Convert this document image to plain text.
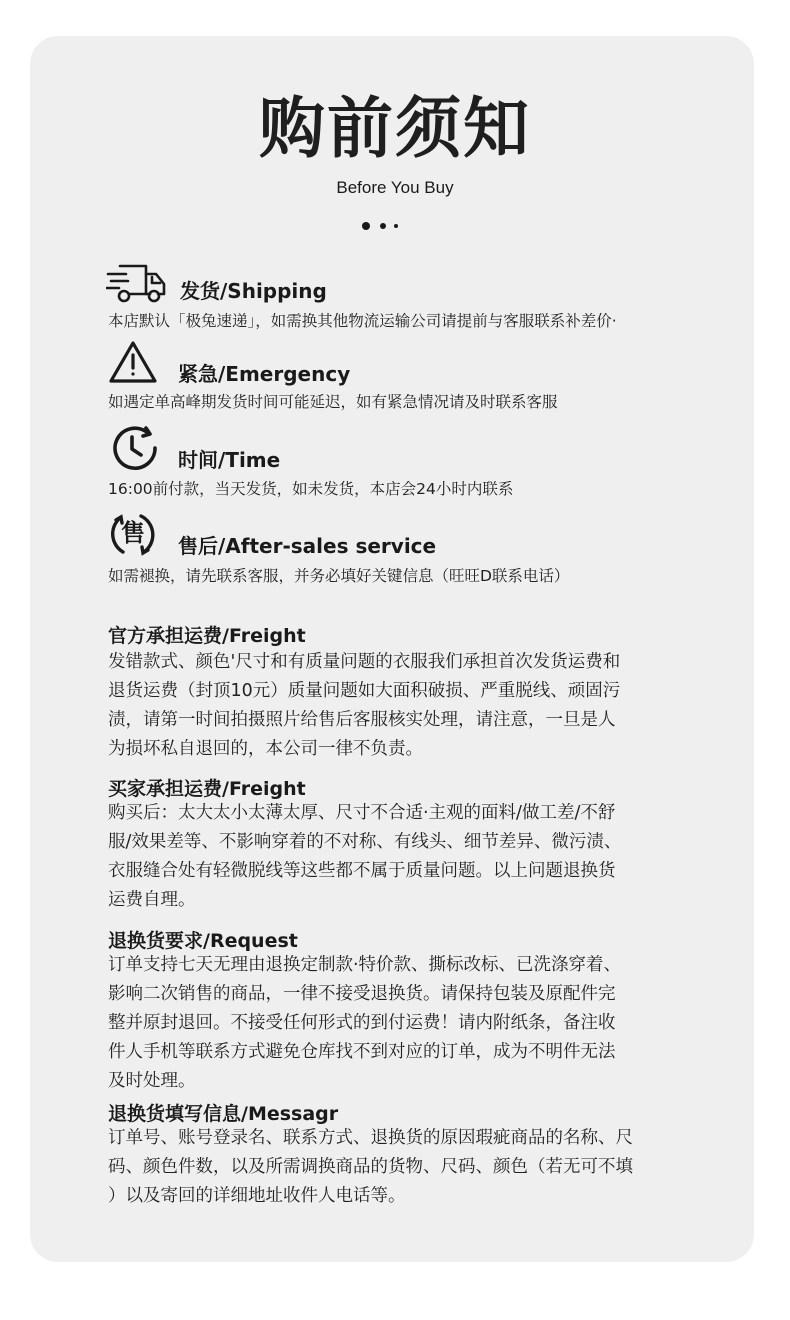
购前须知
Before You Buy
发货/Shipping
本店默认「极兔速递」，如需换其他物流运输公司请提前与客服联系补差价·
紧急/Emergency
如遇定单高峰期发货时间可能延迟，如有紧急情况请及时联系客服
时间/Time
16:00前付款，当天发货，如未发货，本店会24小时内联系
售	售后/After-sales service
如需褪换，请先联系客服，并务必填好关键信息（旺旺D联系电话）
官方承担运费/Freight
发错款式、颜色'尺寸和有质量问题的衣服我们承担首次发货运费和
退货运费（封顶10元）质量问题如大面积破损、严重脱线、顽固污
渍，请第一时间拍摄照片给售后客服核实处理，请注意，一旦是人
为损坏私自退回的，本公司一律不负责。
买家承担运费/Freight
购买后：太大太小太薄太厚、尺寸不合适·主观的面料/做工差/不舒
服/效果差等、不影响穿着的不对称、有线头、细节差异、微污渍、
衣服缝合处有轻微脱线等这些都不属于质量问题。以上问题退换货
运费自理。
退换货要求/Request
订单支持七天无理由退换定制款·特价款、撕标改标、已洗涤穿着、
影响二次销售的商品，一律不接受退换货。请保持包装及原配件完
整并原封退回。不接受任何形式的到付运费！请内附纸条，备注收
件人手机等联系方式避免仓库找不到对应的订单，成为不明件无法
及时处理。
退换货填写信息/Messagr
订单号、账号登录名、联系方式、退换货的原因瑕疵商品的名称、尺
码、颜色件数，以及所需调换商品的货物、尺码、颜色（若无可不填
）以及寄回的详细地址收件人电话等。
